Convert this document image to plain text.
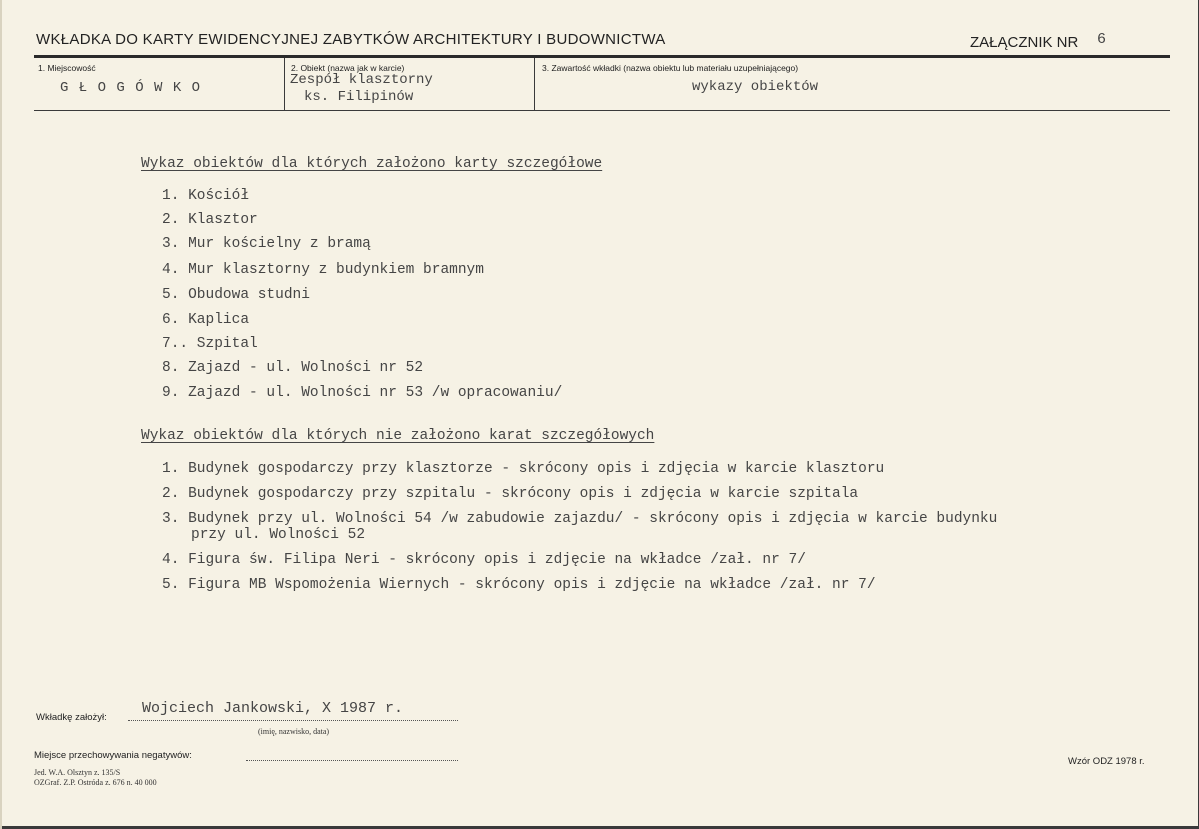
WKŁADKA DO KARTY EWIDENCYJNEJ ZABYTKÓW ARCHITEKTURY I BUDOWNICTWA	ZAŁĄCZNIK NR 6
1. Miejscowość
G Ł O G Ó W K O
2. Obiekt (nazwa jak w karcie)
Zespół klasztorny
ks. Filipinów
3. Zawartość wkładki (nazwa obiektu lub materiału uzupełniającego)
wykazy obiektów
Wykaz obiektów dla których założono karty szczegółowe
1. Kościół
2. Klasztor
3. Mur kościelny z bramą
4. Mur klasztorny z budynkiem bramnym
5. Obudowa studni
6. Kaplica
7.. Szpital
8. Zajazd - ul. Wolności nr 52
9. Zajazd - ul. Wolności nr 53 /w opracowaniu/
Wykaz obiektów dla których nie założono karat szczegółowych
1. Budynek gospodarczy przy klasztorze - skrócony opis i zdjęcia w karcie klasztoru
2. Budynek gospodarczy przy szpitalu - skrócony opis i zdjęcia w karcie szpitala
3. Budynek przy ul. Wolności 54 /w zabudowie zajazdu/ - skrócony opis i zdjęcia w karcie budynku
przy ul. Wolności 52
4. Figura św. Filipa Neri - skrócony opis i zdjęcie na wkładce /zał. nr 7/
5. Figura MB Wspomożenia Wiernych - skrócony opis i zdjęcie na wkładce /zał. nr 7/
Wkładkę założył:
Wojciech Jankowski, X 1987 r.
(imię, nazwisko, data)
Miejsce przechowywania negatywów:
Jed. W.A. Olsztyn z. 135/S
OZGraf. Z.P. Ostróda z. 676 n. 40 000
Wzór ODZ 1978 r.
